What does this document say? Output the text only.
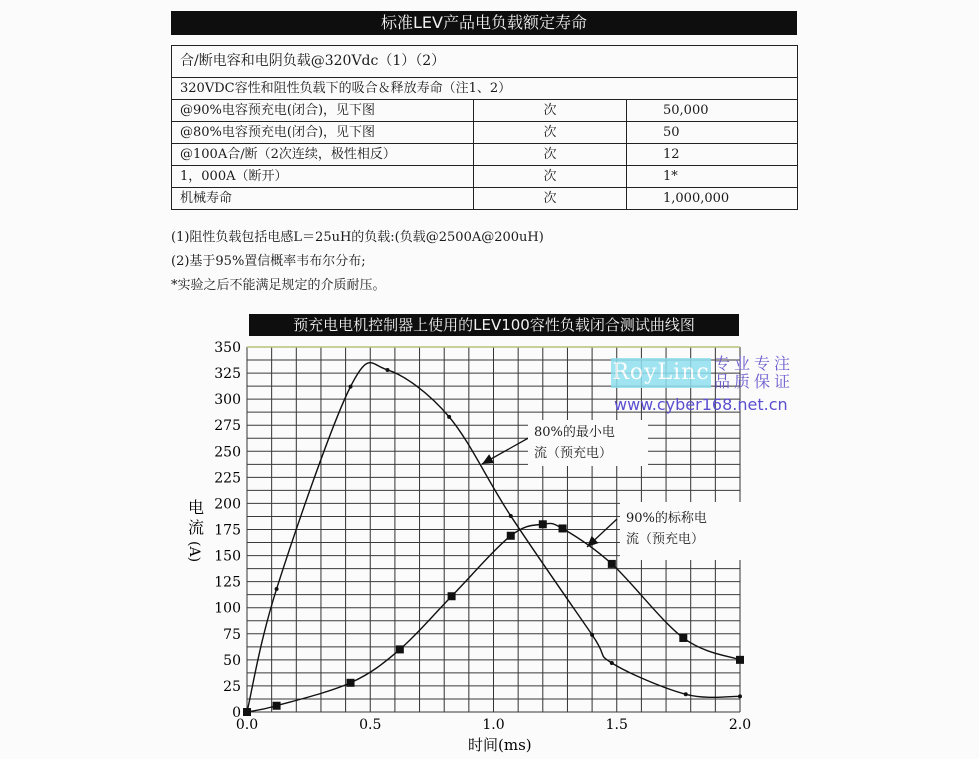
标准LEV产品电负载额定寿命
合/断电容和电阴负载@320Vdc（1）（2）		
320VDC容性和阻性负载下的吸合＆释放寿命（注1、2）		
@90%电容预充电(闭合)，见下图	次	50,000
@80%电容预充电(闭合)，见下图	次	50
@100A合/断（2次连续，极性相反）	次	12
1，000A（断开）	次	1*
机械寿命	次	1,000,000
(1)阻性负载包括电感L＝25uH的负载:(负载@2500A@200uH)
(2)基于95%置信概率韦布尔分布;
*实验之后不能满足规定的介质耐压。
预充电电机控制器上使用的LEV100容性负载闭合测试曲线图
0
25
50
75
100
125
150
175
200
225
250
275
300
325
350
0.0	0.5	1.0	1.5	2.0
时间(ms)
电
流
(A)
80%的最小电
流（预充电）
90%的标称电
流（预充电）
RoyLinc 专业专注
品质保证
www.cyber168.net.cn
